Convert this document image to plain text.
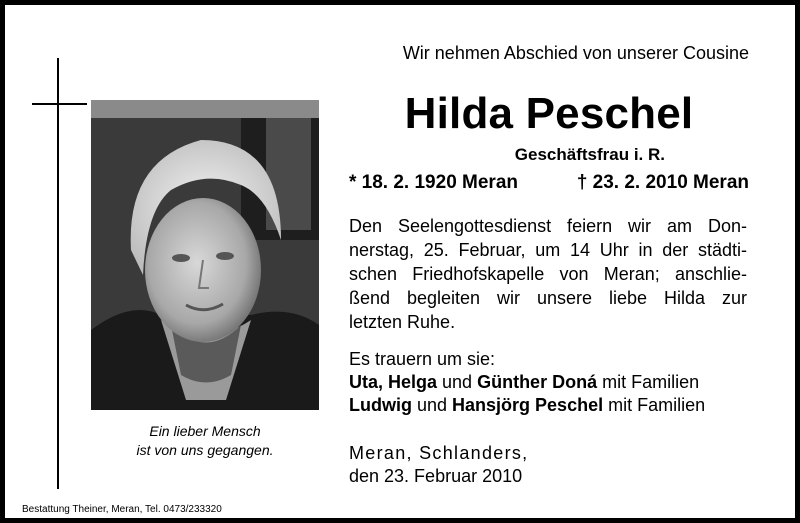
Ein lieber Mensch
ist von uns gegangen.
Wir nehmen Abschied von unserer Cousine
Hilda Peschel
Geschäftsfrau i. R.
* 18. 2. 1920 Meran	† 23. 2. 2010 Meran
Den Seelengottesdienst feiern wir am Don-
nerstag, 25. Februar, um 14 Uhr in der städti-
schen Friedhofskapelle von Meran; anschlie-
ßend begleiten wir unsere liebe Hilda zur
letzten Ruhe.
Es trauern um sie:
Uta, Helga und Günther Doná mit Familien
Ludwig und Hansjörg Peschel mit Familien
Meran, Schlanders,
den 23. Februar 2010
Bestattung Theiner, Meran, Tel. 0473/233320
